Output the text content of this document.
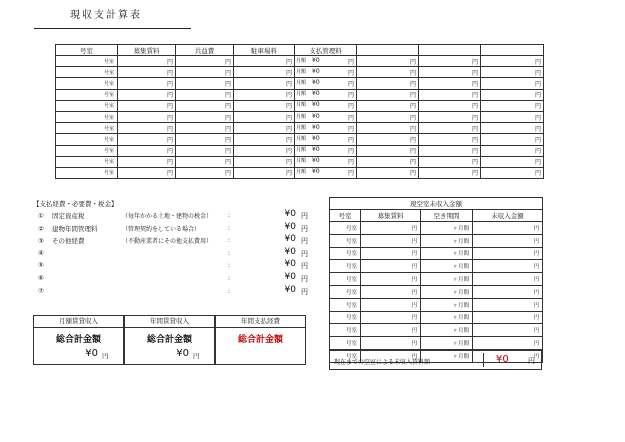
現収支計算表
号室	募集賃料	共益費	駐車場料	支払管理料			
号室	円	円	円	月額 ¥0 円	円	円	円
号室	円	円	円	月額 ¥0 円	円	円	円
号室	円	円	円	月額 ¥0 円	円	円	円
号室	円	円	円	月額 ¥0 円	円	円	円
号室	円	円	円	月額 ¥0 円	円	円	円
号室	円	円	円	月額 ¥0 円	円	円	円
号室	円	円	円	月額 ¥0 円	円	円	円
号室	円	円	円	月額 ¥0 円	円	円	円
号室	円	円	円	月額 ¥0 円	円	円	円
号室	円	円	円	月額 ¥0 円	円	円	円
号室	円	円	円	月額 ¥0 円	円	円	円
【支払経費・必要費・税金】
① 固定資産税	（毎年かかる土地・建物の税金）	:	¥0 円
② 建物年間管理料	（管理契約をしている場合）	:	¥0 円
③ その他経費	（不動産業者にその他支払費用）	:	¥0 円
④	:	¥0 円
⑤	:	¥0 円
⑥	:	¥0 円
⑦	:	¥0 円
現空室未収入金額			
号室	募集賃料	空き期間	未収入金額
号室	円	ヶ月間	円
号室	円	ヶ月間	円
号室	円	ヶ月間	円
号室	円	ヶ月間	円
号室	円	ヶ月間	円
号室	円	ヶ月間	円
号室	円	ヶ月間	円
号室	円	ヶ月間	円
号室	円	ヶ月間	円
号室	円	ヶ月間	円
号室	円	ヶ月間	円
現在までの空室による未収入賃料額	¥0	円
月額賃貸収入
総合計金額
¥0 円
年間賃貸収入
総合計金額
¥0 円
年間支払経費
総合計金額
